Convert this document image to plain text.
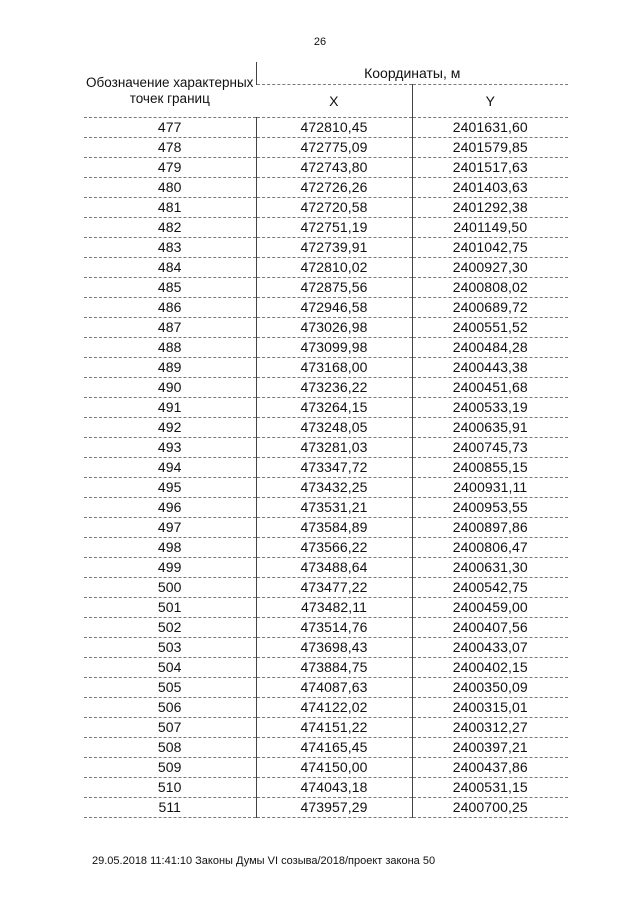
26
Обозначение характерных точек границ	Координаты, м	
	X	Y
477	472810,45	2401631,60
478	472775,09	2401579,85
479	472743,80	2401517,63
480	472726,26	2401403,63
481	472720,58	2401292,38
482	472751,19	2401149,50
483	472739,91	2401042,75
484	472810,02	2400927,30
485	472875,56	2400808,02
486	472946,58	2400689,72
487	473026,98	2400551,52
488	473099,98	2400484,28
489	473168,00	2400443,38
490	473236,22	2400451,68
491	473264,15	2400533,19
492	473248,05	2400635,91
493	473281,03	2400745,73
494	473347,72	2400855,15
495	473432,25	2400931,11
496	473531,21	2400953,55
497	473584,89	2400897,86
498	473566,22	2400806,47
499	473488,64	2400631,30
500	473477,22	2400542,75
501	473482,11	2400459,00
502	473514,76	2400407,56
503	473698,43	2400433,07
504	473884,75	2400402,15
505	474087,63	2400350,09
506	474122,02	2400315,01
507	474151,22	2400312,27
508	474165,45	2400397,21
509	474150,00	2400437,86
510	474043,18	2400531,15
511	473957,29	2400700,25
29.05.2018 11:41:10 Законы Думы VI созыва/2018/проект закона 50
